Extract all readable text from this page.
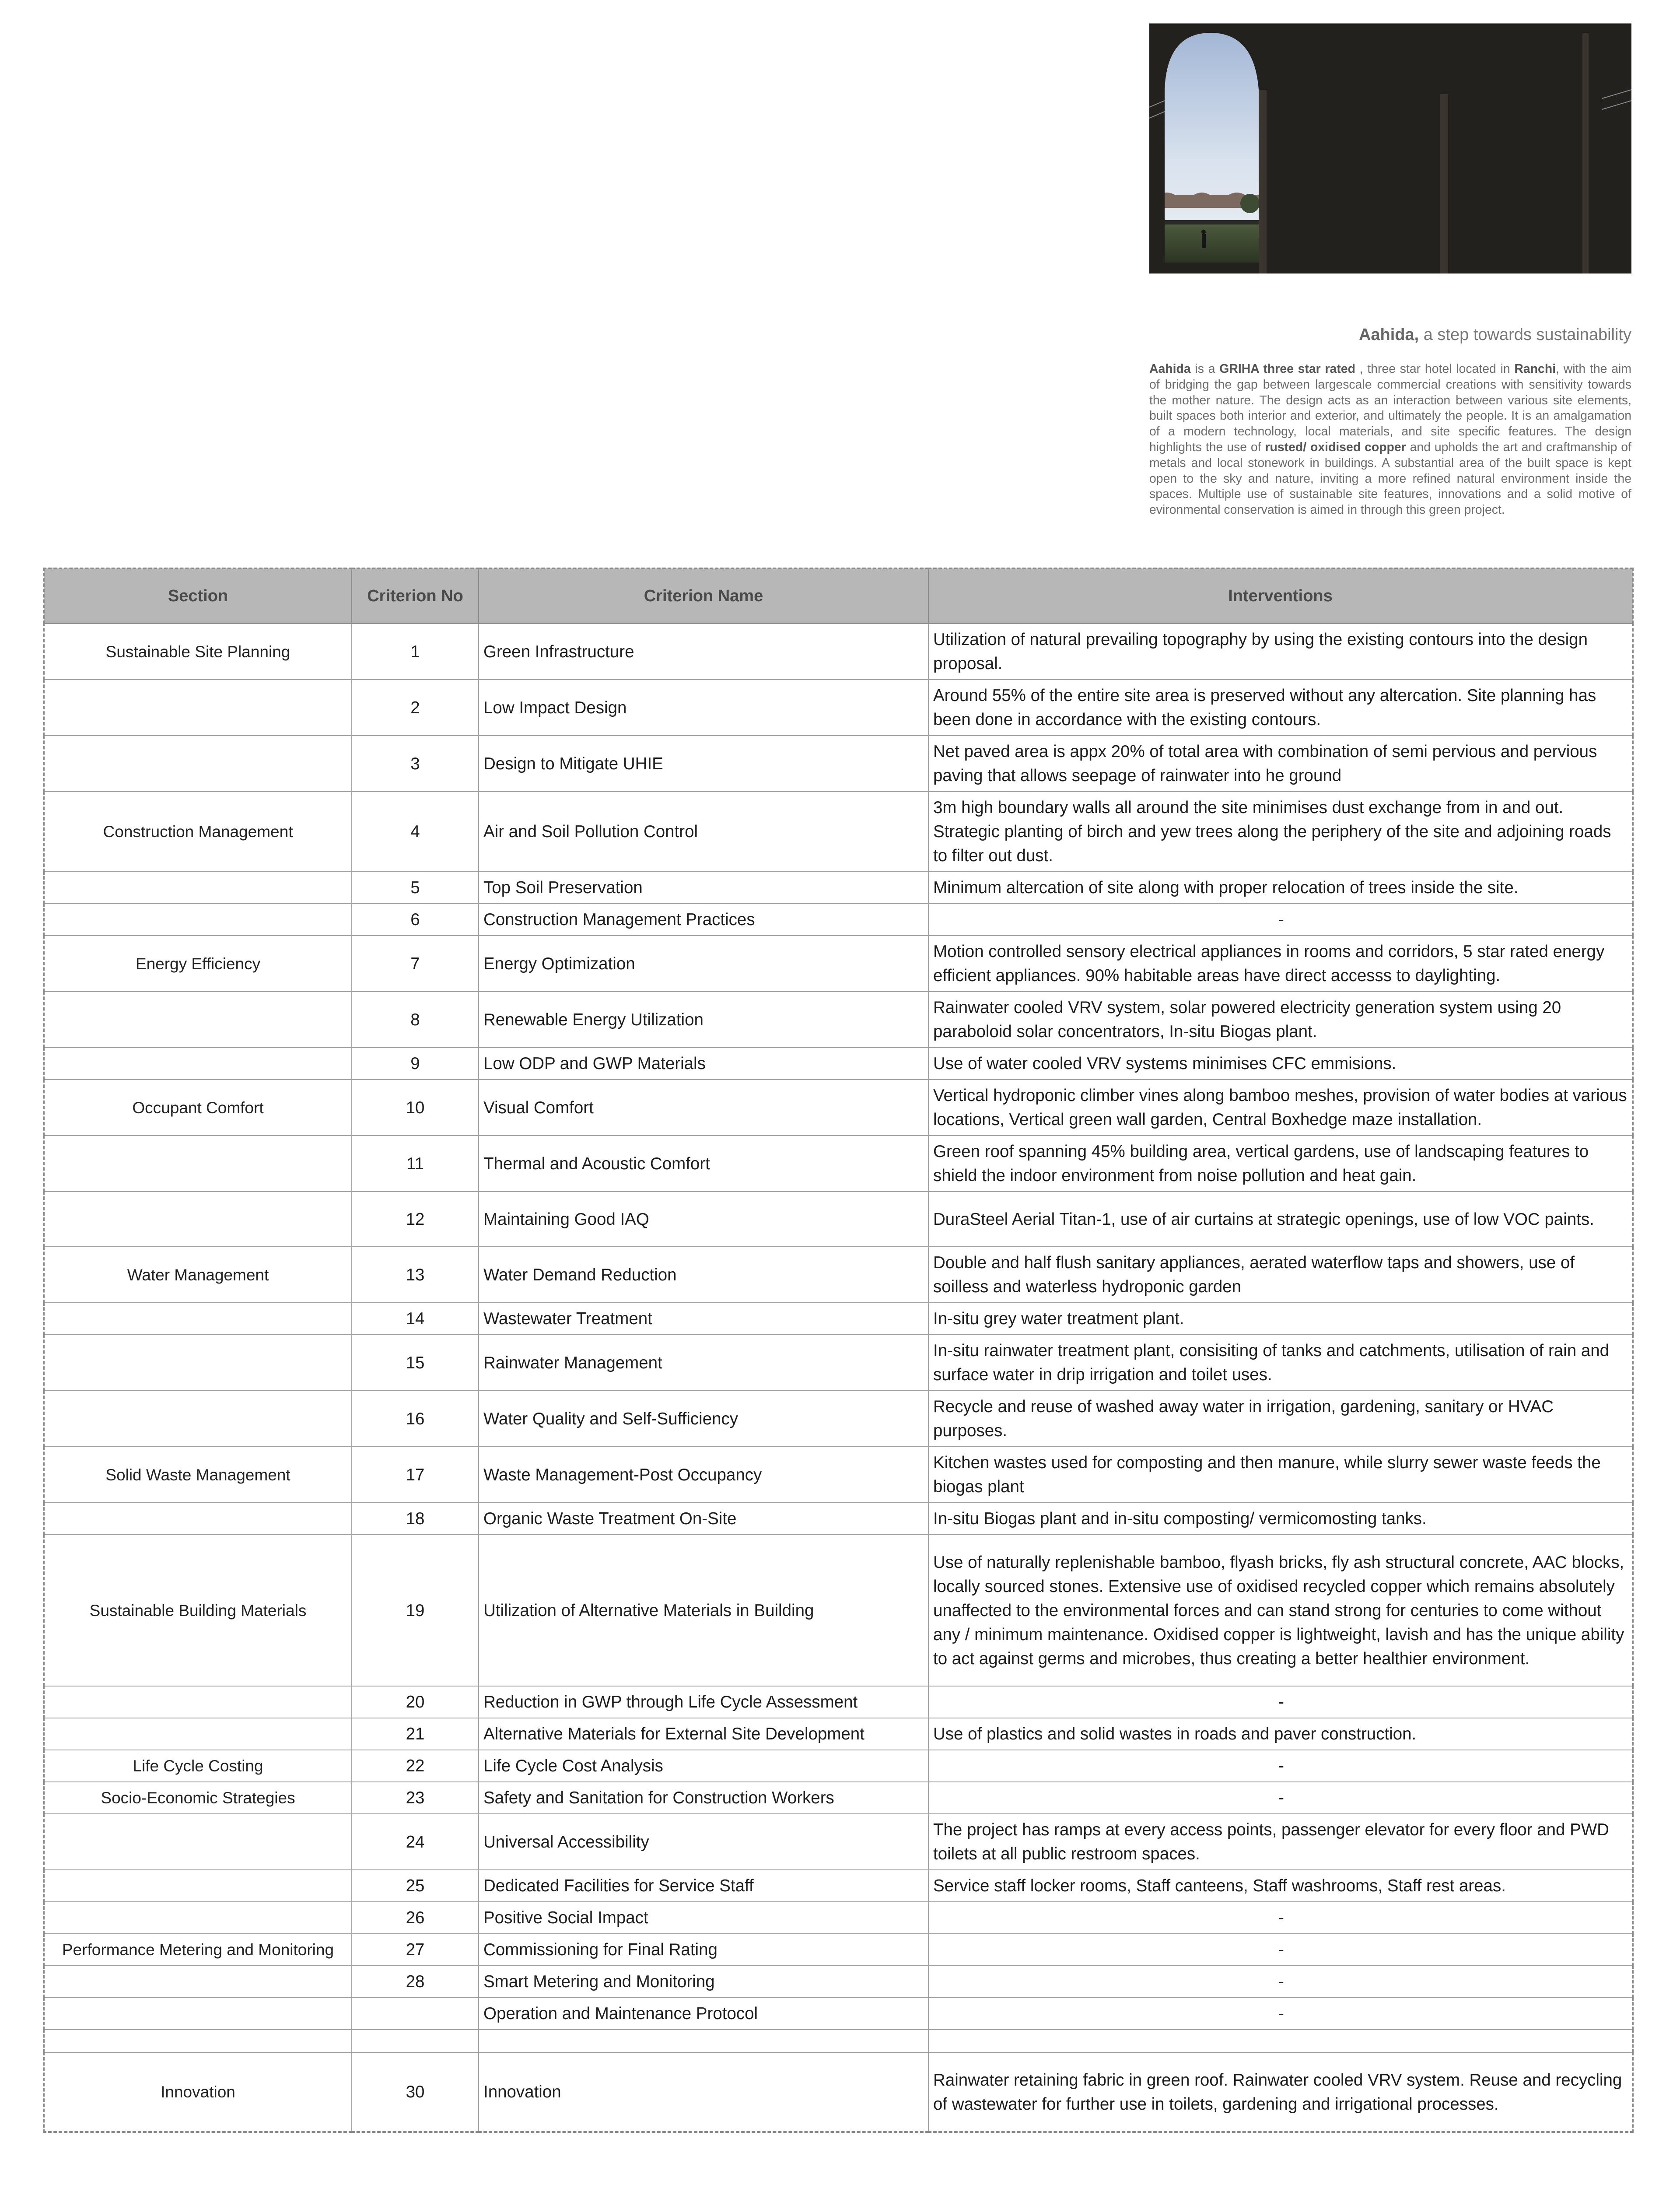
Aahida, a step towards sustainability
Aahida is a GRIHA three star rated , three star hotel located in Ranchi, with the aim of bridging the gap between largescale commercial creations with sensitivity towards the mother nature. The design acts as an interaction between various site elements, built spaces both interior and exterior, and ultimately the people. It is an amalgamation of a modern technology, local materials, and site specific features. The design highlights the use of rusted/ oxidised copper and upholds the art and craftmanship of metals and local stonework in buildings. A substantial area of the built space is kept open to the sky and nature, inviting a more refined natural environment inside the spaces. Multiple use of sustainable site features, innovations and a solid motive of evironmental conservation is aimed in through this green project.
Section	Criterion No	Criterion Name	Interventions
Sustainable Site Planning	1	Green Infrastructure	Utilization of natural prevailing topography by using the existing contours into the design proposal.
	2	Low Impact Design	Around 55% of the entire site area is preserved without any altercation. Site planning has been done in accordance with the existing contours.
	3	Design to Mitigate UHIE	Net paved area is appx 20% of total area with combination of semi pervious and pervious paving that allows seepage of rainwater into he ground
Construction Management	4	Air and Soil Pollution Control	3m high boundary walls all around the site minimises dust exchange from in and out. Strategic planting of birch and yew trees along the periphery of the site and adjoining roads to filter out dust.
	5	Top Soil Preservation	Minimum altercation of site along with proper relocation of trees inside the site.
	6	Construction Management Practices	-
Energy Efficiency	7	Energy Optimization	Motion controlled sensory electrical appliances in rooms and corridors, 5 star rated energy efficient appliances. 90% habitable areas have direct accesss to daylighting.
	8	Renewable Energy Utilization	Rainwater cooled VRV system, solar powered electricity generation system using 20 paraboloid solar concentrators, In-situ Biogas plant.
	9	Low ODP and GWP Materials	Use of water cooled VRV systems minimises CFC emmisions.
Occupant Comfort	10	Visual Comfort	Vertical hydroponic climber vines along bamboo meshes, provision of water bodies at various locations, Vertical green wall garden, Central Boxhedge maze installation.
	11	Thermal and Acoustic Comfort	Green roof spanning 45% building area, vertical gardens, use of landscaping features to shield the indoor environment from noise pollution and heat gain.
	12	Maintaining Good IAQ	DuraSteel Aerial Titan-1, use of air curtains at strategic openings, use of low VOC paints.
Water Management	13	Water Demand Reduction	Double and half flush sanitary appliances, aerated waterflow taps and showers, use of soilless and waterless hydroponic garden
	14	Wastewater Treatment	In-situ grey water treatment plant.
	15	Rainwater Management	In-situ rainwater treatment plant, consisiting of tanks and catchments, utilisation of rain and surface water in drip irrigation and toilet uses.
	16	Water Quality and Self-Sufficiency	Recycle and reuse of washed away water in irrigation, gardening, sanitary or HVAC purposes.
Solid Waste Management	17	Waste Management-Post Occupancy	Kitchen wastes used for composting and then manure, while slurry sewer waste feeds the biogas plant
	18	Organic Waste Treatment On-Site	In-situ Biogas plant and in-situ composting/ vermicomosting tanks.
Sustainable Building Materials	19	Utilization of Alternative Materials in Building	Use of naturally replenishable bamboo, flyash bricks, fly ash structural concrete, AAC blocks, locally sourced stones. Extensive use of oxidised recycled copper which remains absolutely unaffected to the environmental forces and can stand strong for centuries to come without any / minimum maintenance. Oxidised copper is lightweight, lavish and has the unique ability to act against germs and microbes, thus creating a better healthier environment.
	20	Reduction in GWP through Life Cycle Assessment	-
	21	Alternative Materials for External Site Development	Use of plastics and solid wastes in roads and paver construction.
Life Cycle Costing	22	Life Cycle Cost Analysis	-
Socio-Economic Strategies	23	Safety and Sanitation for Construction Workers	-
	24	Universal Accessibility	The project has ramps at every access points, passenger elevator for every floor and PWD toilets at all public restroom spaces.
	25	Dedicated Facilities for Service Staff	Service staff locker rooms, Staff canteens, Staff washrooms, Staff rest areas.
	26	Positive Social Impact	-
Performance Metering and Monitoring	27	Commissioning for Final Rating	-
	28	Smart Metering and Monitoring	-
		Operation and Maintenance Protocol	-

Innovation	30	Innovation	Rainwater retaining fabric in green roof. Rainwater cooled VRV system. Reuse and recycling of wastewater for further use in toilets, gardening and irrigational processes.
